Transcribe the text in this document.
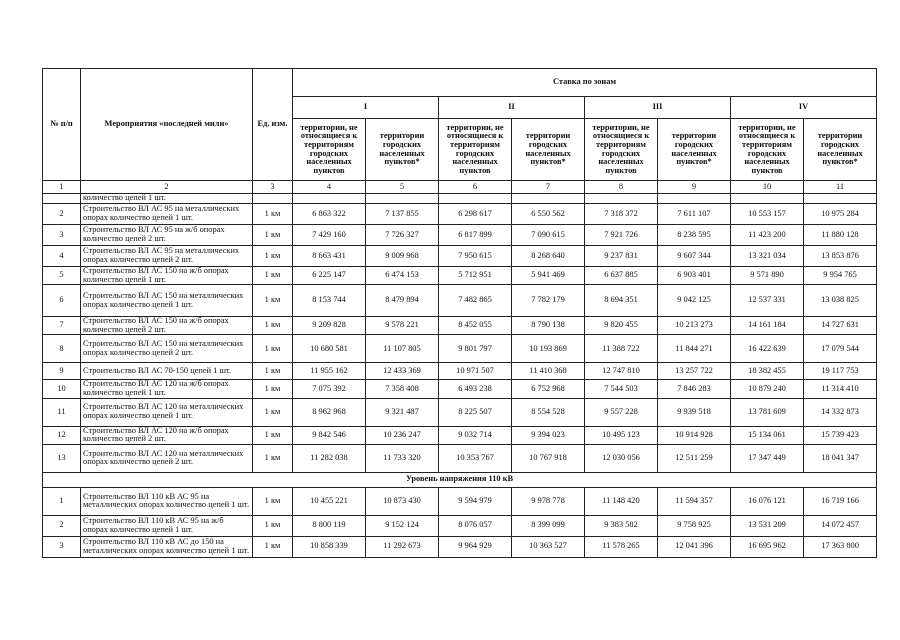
№ п/п	Мероприятия «последней мили»	Ед. изм.	Ставка по зонам							
			I		II		III		IV	
			территории, не относящиеся к территориям городских населенных пунктов	территории городских населенных пунктов*	территории, не относящиеся к территориям городских населенных пунктов	территории городских населенных пунктов*	территории, не относящиеся к территориям городских населенных пунктов	территории городских населенных пунктов*	территории, не относящиеся к территориям городских населенных пунктов	территории городских населенных пунктов*
1	2	3	4	5	6	7	8	9	10	11
	количество цепей 1 шт.									
2	Строительство ВЛ АС 95 на металлических опорах количество цепей 1 шт.	1 км	6 863 322	7 137 855	6 298 617	6 550 562	7 318 372	7 611 107	10 553 157	10 975 284
3	Строительство ВЛ АС 95 на ж/б опорах количество цепей 2 шт.	1 км	7 429 160	7 726 327	6 817 899	7 090 615	7 921 726	8 238 595	11 423 200	11 880 128
4	Строительство ВЛ АС 95 на металлических опорах количество цепей 2 шт.	1 км	8 663 431	9 009 968	7 950 615	8 268 640	9 237 831	9 607 344	13 321 034	13 853 876
5	Строительство ВЛ АС 150 на ж/б опорах количество цепей 1 шт.	1 км	6 225 147	6 474 153	5 712 951	5 941 469	6 637 885	6 903 401	9 571 890	9 954 765
6	Строительство ВЛ АС 150 на металлических опорах количество цепей 1 шт.	1 км	8 153 744	8 479 894	7 482 865	7 782 179	8 694 351	9 042 125	12 537 331	13 038 825
7	Строительство ВЛ АС 150 на ж/б опорах количество цепей 2 шт.	1 км	9 209 828	9 578 221	8 452 055	8 790 138	9 820 455	10 213 273	14 161 184	14 727 631
8	Строительство ВЛ АС 150 на металлических опорах количество цепей 2 шт.	1 км	10 680 581	11 107 805	9 801 797	10 193 869	11 388 722	11 844 271	16 422 639	17 079 544
9	Строительство ВЛ АС 70-150 цепей 1 шт.	1 км	11 955 162	12 433 369	10 971 507	11 410 368	12 747 810	13 257 722	18 382 455	19 117 753
10	Строительство ВЛ АС 120 на ж/б опорах количество цепей 1 шт.	1 км	7 075 392	7 358 408	6 493 238	6 752 968	7 544 503	7 846 283	10 879 240	11 314 410
11	Строительство ВЛ АС 120 на металлических опорах количество цепей 1 шт.	1 км	8 962 968	9 321 487	8 225 507	8 554 528	9 557 228	9 939 518	13 781 609	14 332 873
12	Строительство ВЛ АС 120 на ж/б опорах количество цепей 2 шт.	1 км	9 842 546	10 236 247	9 032 714	9 394 023	10 495 123	10 914 928	15 134 061	15 739 423
13	Строительство ВЛ АС 120 на металлических опорах количество цепей 2 шт.	1 км	11 282 038	11 733 320	10 353 767	10 767 918	12 030 056	12 511 259	17 347 449	18 041 347
Уровень напряжения 110 кВ										
1	Строительство ВЛ 110 кВ АС 95 на металлических опорах количество цепей 1 шт.	1 км	10 455 221	10 873 430	9 594 979	9 978 778	11 148 420	11 594 357	16 076 121	16 719 166
2	Строительство ВЛ 110 кВ АС 95 на ж/б опорах количество цепей 1 шт.	1 км	8 800 119	9 152 124	8 076 057	8 399 099	9 383 582	9 758 925	13 531 209	14 072 457
3	Строительство ВЛ 110 кВ АС до 150 на металлических опорах количество цепей 1 шт.	1 км	10 858 339	11 292 673	9 964 929	10 363 527	11 578 265	12 041 396	16 695 962	17 363 800
